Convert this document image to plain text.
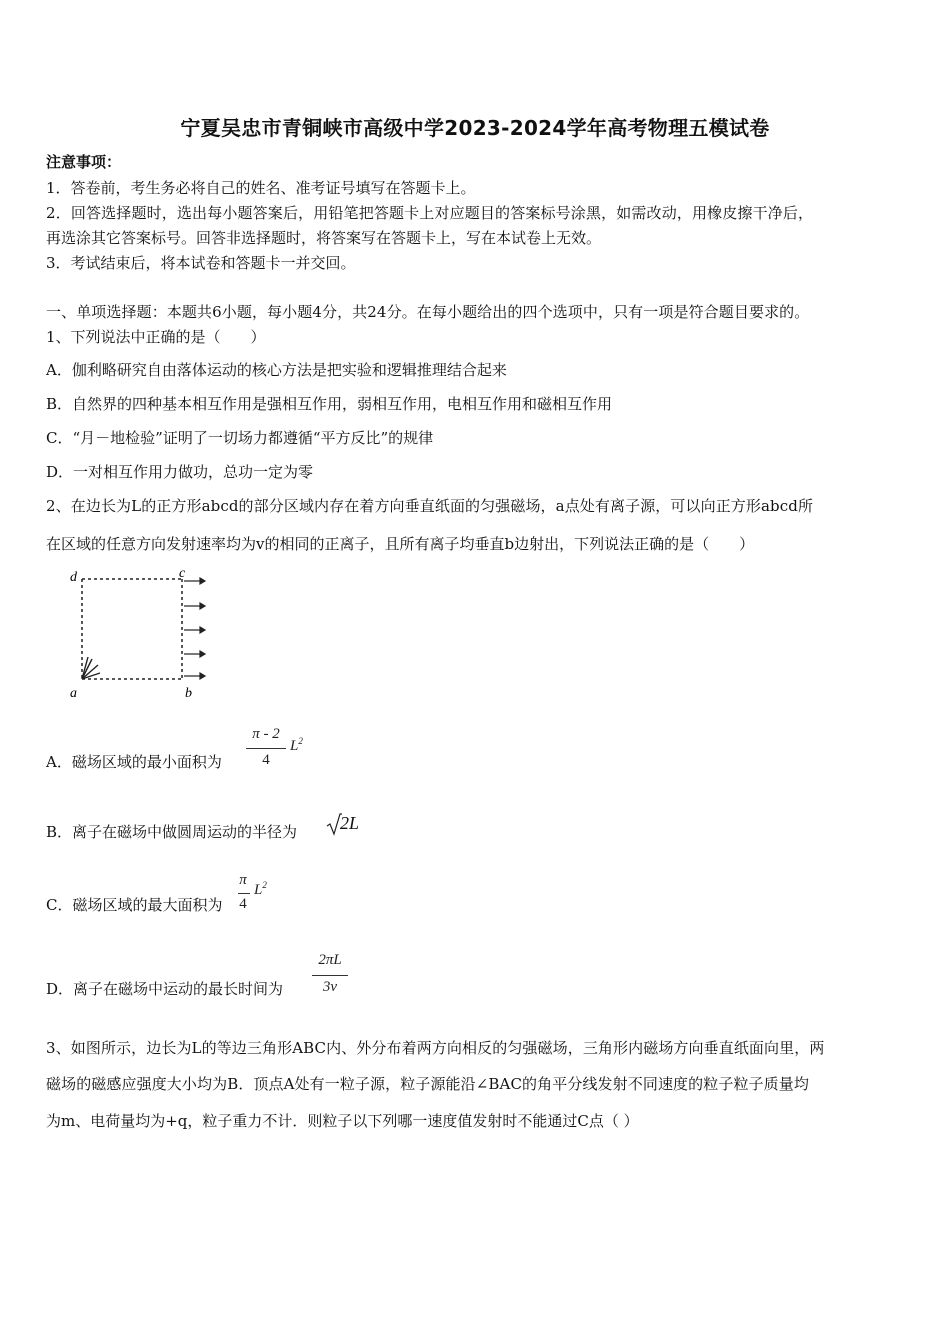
宁夏吴忠市青铜峡市高级中学2023-2024学年高考物理五模试卷
注意事项：
1．答卷前，考生务必将自己的姓名、准考证号填写在答题卡上。
2．回答选择题时，选出每小题答案后，用铅笔把答题卡上对应题目的答案标号涂黑，如需改动，用橡皮擦干净后，
再选涂其它答案标号。回答非选择题时，将答案写在答题卡上，写在本试卷上无效。
3．考试结束后，将本试卷和答题卡一并交回。
一、单项选择题：本题共6小题，每小题4分，共24分。在每小题给出的四个选项中，只有一项是符合题目要求的。
1、下列说法中正确的是（　　）
A．伽利略研究自由落体运动的核心方法是把实验和逻辑推理结合起来
B．自然界的四种基本相互作用是强相互作用，弱相互作用，电相互作用和磁相互作用
C．“月－地检验”证明了一切场力都遵循“平方反比”的规律
D．一对相互作用力做功，总功一定为零
2、在边长为L的正方形abcd的部分区域内存在着方向垂直纸面的匀强磁场，a点处有离子源，可以向正方形abcd所
在区域的任意方向发射速率均为v的相同的正离子，且所有离子均垂直b边射出，下列说法正确的是（　　）
d	c
a	b
A．磁场区域的最小面积为
π - 2
4
$L^2$
B．离子在磁场中做圆周运动的半径为	2L
C．磁场区域的最大面积为
π
4
$L^2$
D．离子在磁场中运动的最长时间为
2πL
3v
3、如图所示，边长为L的等边三角形ABC内、外分布着两方向相反的匀强磁场，三角形内磁场方向垂直纸面向里，两
磁场的磁感应强度大小均为B．顶点A处有一粒子源，粒子源能沿∠BAC的角平分线发射不同速度的粒子粒子质量均
为m、电荷量均为+q，粒子重力不计．则粒子以下列哪一速度值发射时不能通过C点（ ）
